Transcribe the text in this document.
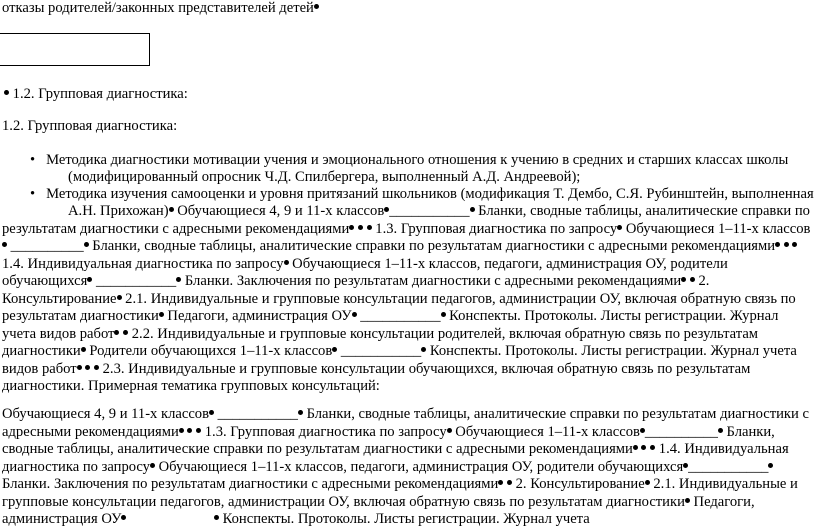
отказы родителей/законных представителей детей
1.2. Групповая диагностика:
1.2. Групповая диагностика:
• Методика диагностики мотивации учения и эмоционального отношения к учению в средних и старших классах школы
(модифицированный опросник Ч.Д. Спилбергера, выполненный А.Д. Андреевой);
• Методика изучения самооценки и уровня притязаний школьников (модификация Т. Дембо, С.Я. Рубинштейн, выполненная
А.Н. Прихожан) Обучающиеся 4, 9 и 11-х классов ___________ Бланки, сводные таблицы, аналитические справки по результатам диагностики с адресными рекомендациями   1.3. Групповая диагностика по запросу Обучающиеся 1–11-х классов __________ Бланки, сводные таблицы, аналитические справки по результатам диагностики с адресными рекомендациями   1.4. Индивидуальная диагностика по запросу Обучающиеся 1–11-х классов, педагоги, администрация ОУ, родители обучающихся ___________ Бланки. Заключения по результатам диагностики с адресными рекомендациями  2. Консультирование 2.1. Индивидуальные и групповые консультации педагогов, администрации ОУ, включая обратную связь по результатам диагностики Педагоги, администрация ОУ ___________ Конспекты. Протоколы. Листы регистрации. Журнал учета видов работ  2.2. Индивидуальные и групповые консультации родителей, включая обратную связь по результатам диагностики Родители обучающихся 1–11-х классов ___________ Конспекты. Протоколы. Листы регистрации. Журнал учета видов работ   2.3. Индивидуальные и групповые консультации обучающихся, включая обратную связь по результатам диагностики. Примерная тематика групповых консультаций:
Обучающиеся 4, 9 и 11-х классов ___________ Бланки, сводные таблицы, аналитические справки по результатам диагностики с адресными рекомендациями   1.3. Групповая диагностика по запросу Обучающиеся 1–11-х классов __________ Бланки, сводные таблицы, аналитические справки по результатам диагностики с адресными рекомендациями   1.4. Индивидуальная диагностика по запросу Обучающиеся 1–11-х классов, педагоги, администрация ОУ, родители обучающихся ___________ Бланки. Заключения по результатам диагностики с адресными рекомендациями  2. Консультирование 2.1. Индивидуальные и групповые консультации педагогов, администрации ОУ, включая обратную связь по результатам диагностики Педагоги, администрация ОУ	Конспекты. Протоколы. Листы регистрации. Журнал учета
